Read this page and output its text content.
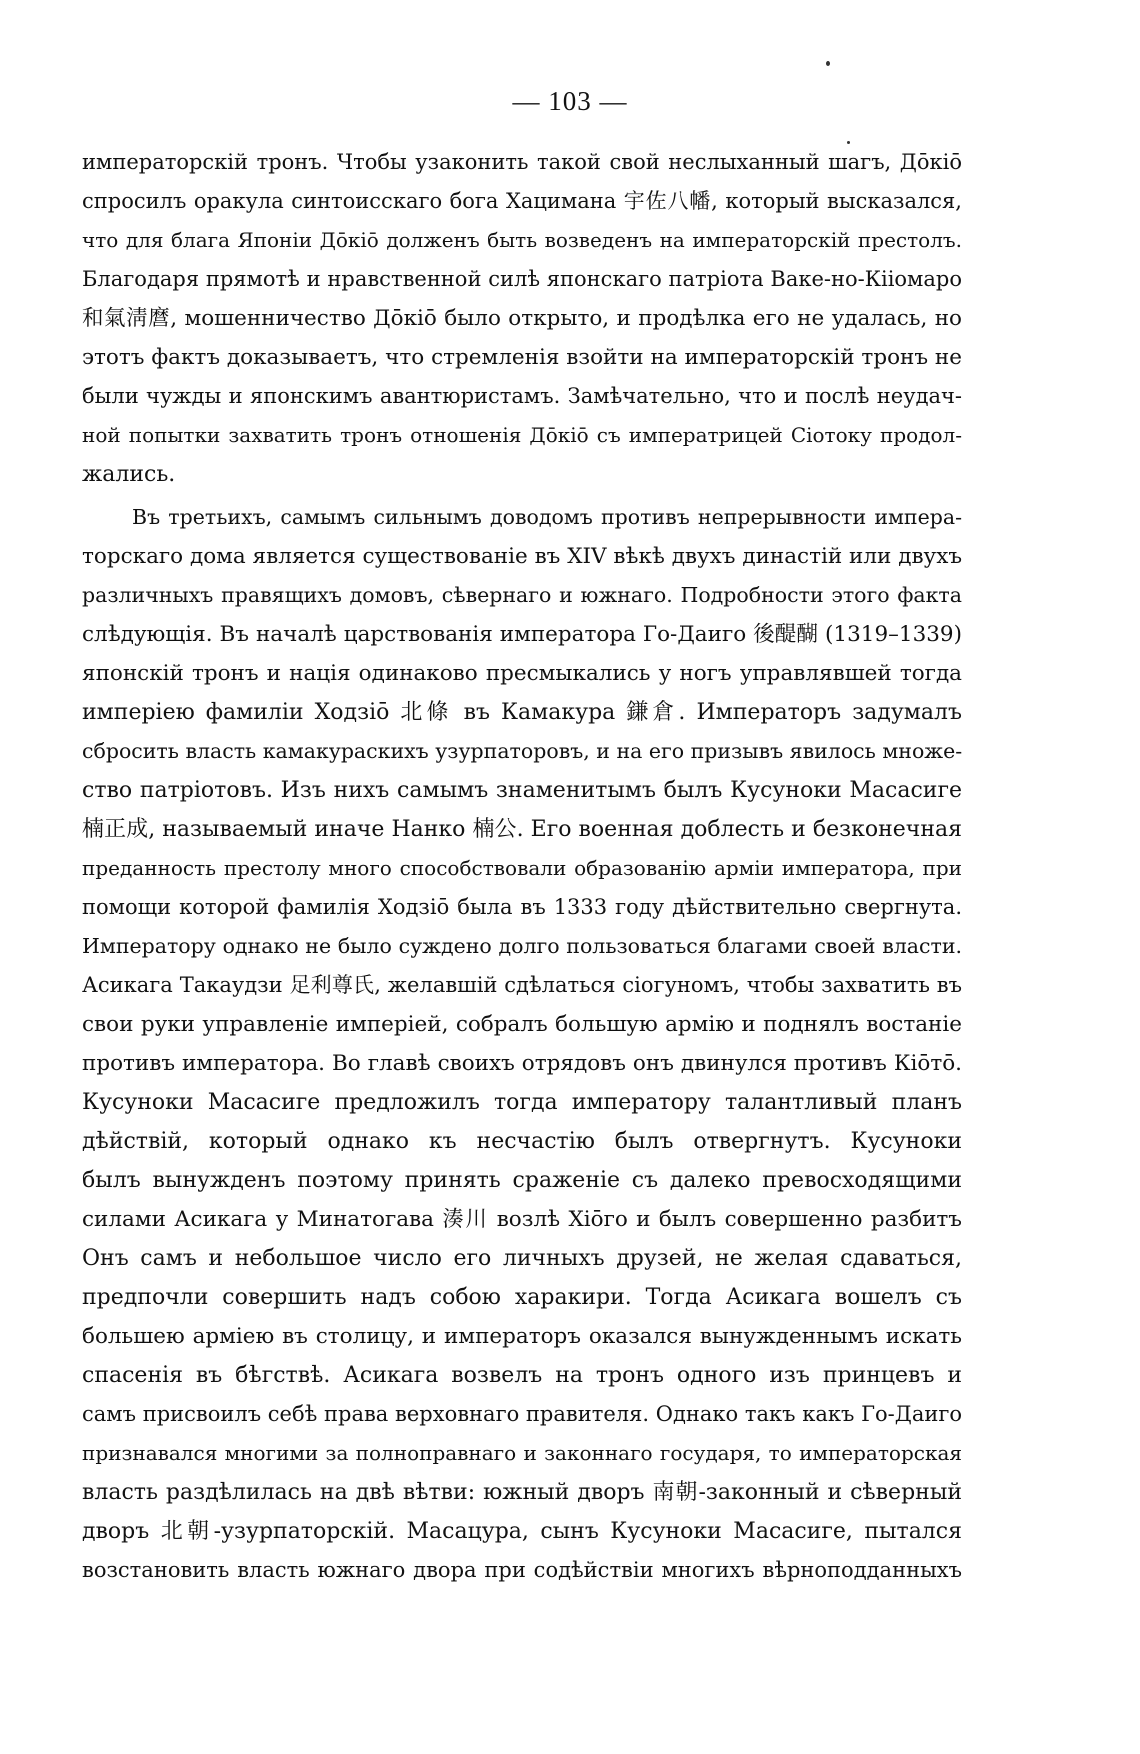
— 103 —

императорскій тронъ. Чтобы узаконить такой свой неслыханный шагъ, Дōкіō

спросилъ оракула синтоисскаго бога Хацимана 宇佐八幡, который высказался,

что для блага Японіи Дōкіō долженъ быть возведенъ на императорскій престолъ.

Благодаря прямотѣ и нравственной силѣ японскаго патріота Ваке-но-Кііомаро

和氣淸麿, мошенничество Дōкіō было открыто, и продѣлка его не удалась, но

этотъ фактъ доказываетъ, что стремленія взойти на императорскій тронъ не

были чужды и японскимъ авантюристамъ. Замѣчательно, что и послѣ неудач-

ной попытки захватить тронъ отношенія Дōкіō съ императрицей Сіотоку продол-

жались.

Въ третьихъ, самымъ сильнымъ доводомъ противъ непрерывности импера-

торскаго дома является существованіе въ XIV вѣкѣ двухъ династій или двухъ

различныхъ правящихъ домовъ, сѣвернаго и южнаго. Подробности этого факта

слѣдующія. Въ началѣ царствованія императора Го-Даиго 後醍醐 (1319–1339)

японскій тронъ и нація одинаково пресмыкались у ногъ управлявшей тогда

имперіею фамиліи Ходзіō 北條 въ Камакура 鎌倉. Императоръ задумалъ

сбросить власть камакураскихъ узурпаторовъ, и на его призывъ явилось множе-

ство патріотовъ. Изъ нихъ самымъ знаменитымъ былъ Кусуноки Масасиге

楠正成, называемый иначе Нанко 楠公. Его военная доблесть и безконечная

преданность престолу много способствовали образованію арміи императора, при

помощи которой фамилія Ходзіō была въ 1333 году дѣйствительно свергнута.

Императору однако не было суждено долго пользоваться благами своей власти.

Асикага Такаудзи 足利尊氏, желавшій сдѣлаться сіогуномъ, чтобы захватить въ

свои руки управленіе имперіей, собралъ большую армію и поднялъ востаніе

противъ императора. Во главѣ своихъ отрядовъ онъ двинулся противъ Кіōтō.

Кусуноки Масасиге предложилъ тогда императору талантливый планъ

дѣйствій, который однако къ несчастію былъ отвергнутъ. Кусуноки

былъ вынужденъ поэтому принять сраженіе съ далеко превосходящими

силами Асикага у Минатогава 湊川 возлѣ Хіōго и былъ совершенно разбитъ

Онъ самъ и небольшое число его личныхъ друзей, не желая сдаваться,

предпочли совершить надъ собою харакири. Тогда Асикага вошелъ съ

большею арміею въ столицу, и императоръ оказался вынужденнымъ искать

спасенія въ бѣгствѣ. Асикага возвелъ на тронъ одного изъ принцевъ и

самъ присвоилъ себѣ права верховнаго правителя. Однако такъ какъ Го-Даиго

признавался многими за полноправнаго и законнаго государя, то императорская

власть раздѣлилась на двѣ вѣтви: южный дворъ 南朝-законный и сѣверный

дворъ 北朝-узурпаторскій. Масацура, сынъ Кусуноки Масасиге, пытался

возстановить власть южнаго двора при содѣйствіи многихъ вѣрноподданныхъ
